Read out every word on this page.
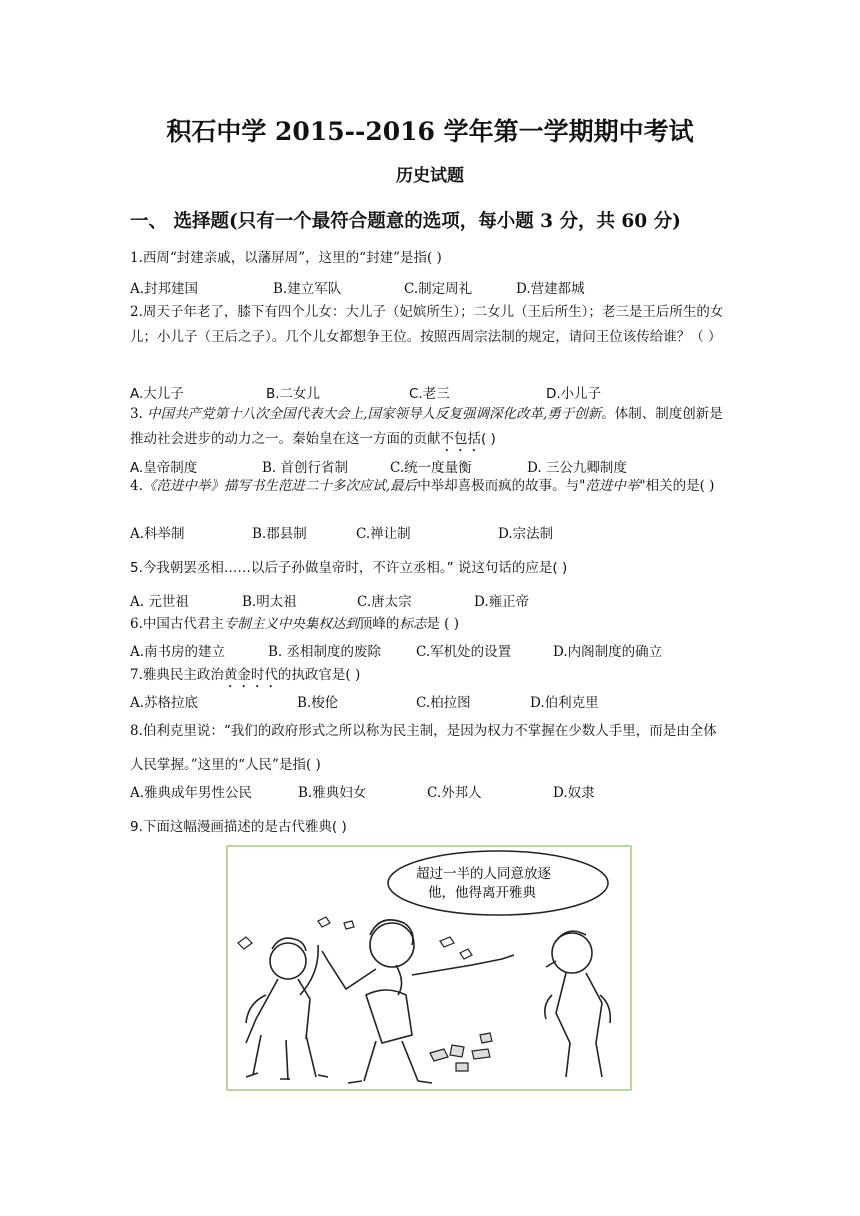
积石中学 2015--2016 学年第一学期期中考试
历史试题
一、 选择题(只有一个最符合题意的选项，每小题 3 分，共 60 分)
1.西周“封建亲戚，以藩屏周”，这里的“封建”是指( )
A.封邦建国	B.建立军队	C.制定周礼	D.营建都城
2.周天子年老了，膝下有四个儿女：大儿子（妃嫔所生）；二女儿（王后所生）；老三是王后所生的女儿；小儿子（王后之子）。几个儿女都想争王位。按照西周宗法制的规定，请问王位该传给谁？（ ）
A.大儿子	B.二女儿	C.老三	D.小儿子
3. 中国共产党第十八次全国代表大会上,国家领导人反复强调深化改革,勇于创新。体制、制度创新是推动社会进步的动力之一。秦始皇在这一方面的贡献不包括( )
A.皇帝制度	B. 首创行省制	C.统一度量衡	D. 三公九卿制度
4.《范进中举》描写书生范进二十多次应试,最后中举却喜极而疯的故事。与"范进中举"相关的是( )
A.科举制	B.郡县制	C.禅让制	D.宗法制
5.今我朝罢丞相……以后子孙做皇帝时，不许立丞相。” 说这句话的应是( )
A. 元世祖	B.明太祖	C.唐太宗	D.雍正帝
6.中国古代君主专制主义中央集权达到顶峰的标志是 ( )
A.南书房的建立	B. 丞相制度的废除	C.军机处的设置	D.内阁制度的确立
7.雅典民主政治黄金时代的执政官是( )
A.苏格拉底	B.梭伦	C.柏拉图	D.伯利克里
8.伯利克里说：“我们的政府形式之所以称为民主制，是因为权力不掌握在少数人手里，而是由全体人民掌握。”这里的“人民”是指( )
A.雅典成年男性公民	B.雅典妇女	C.外邦人	D.奴隶
9.下面这幅漫画描述的是古代雅典( )
超过一半的人同意放逐
他，他得离开雅典
